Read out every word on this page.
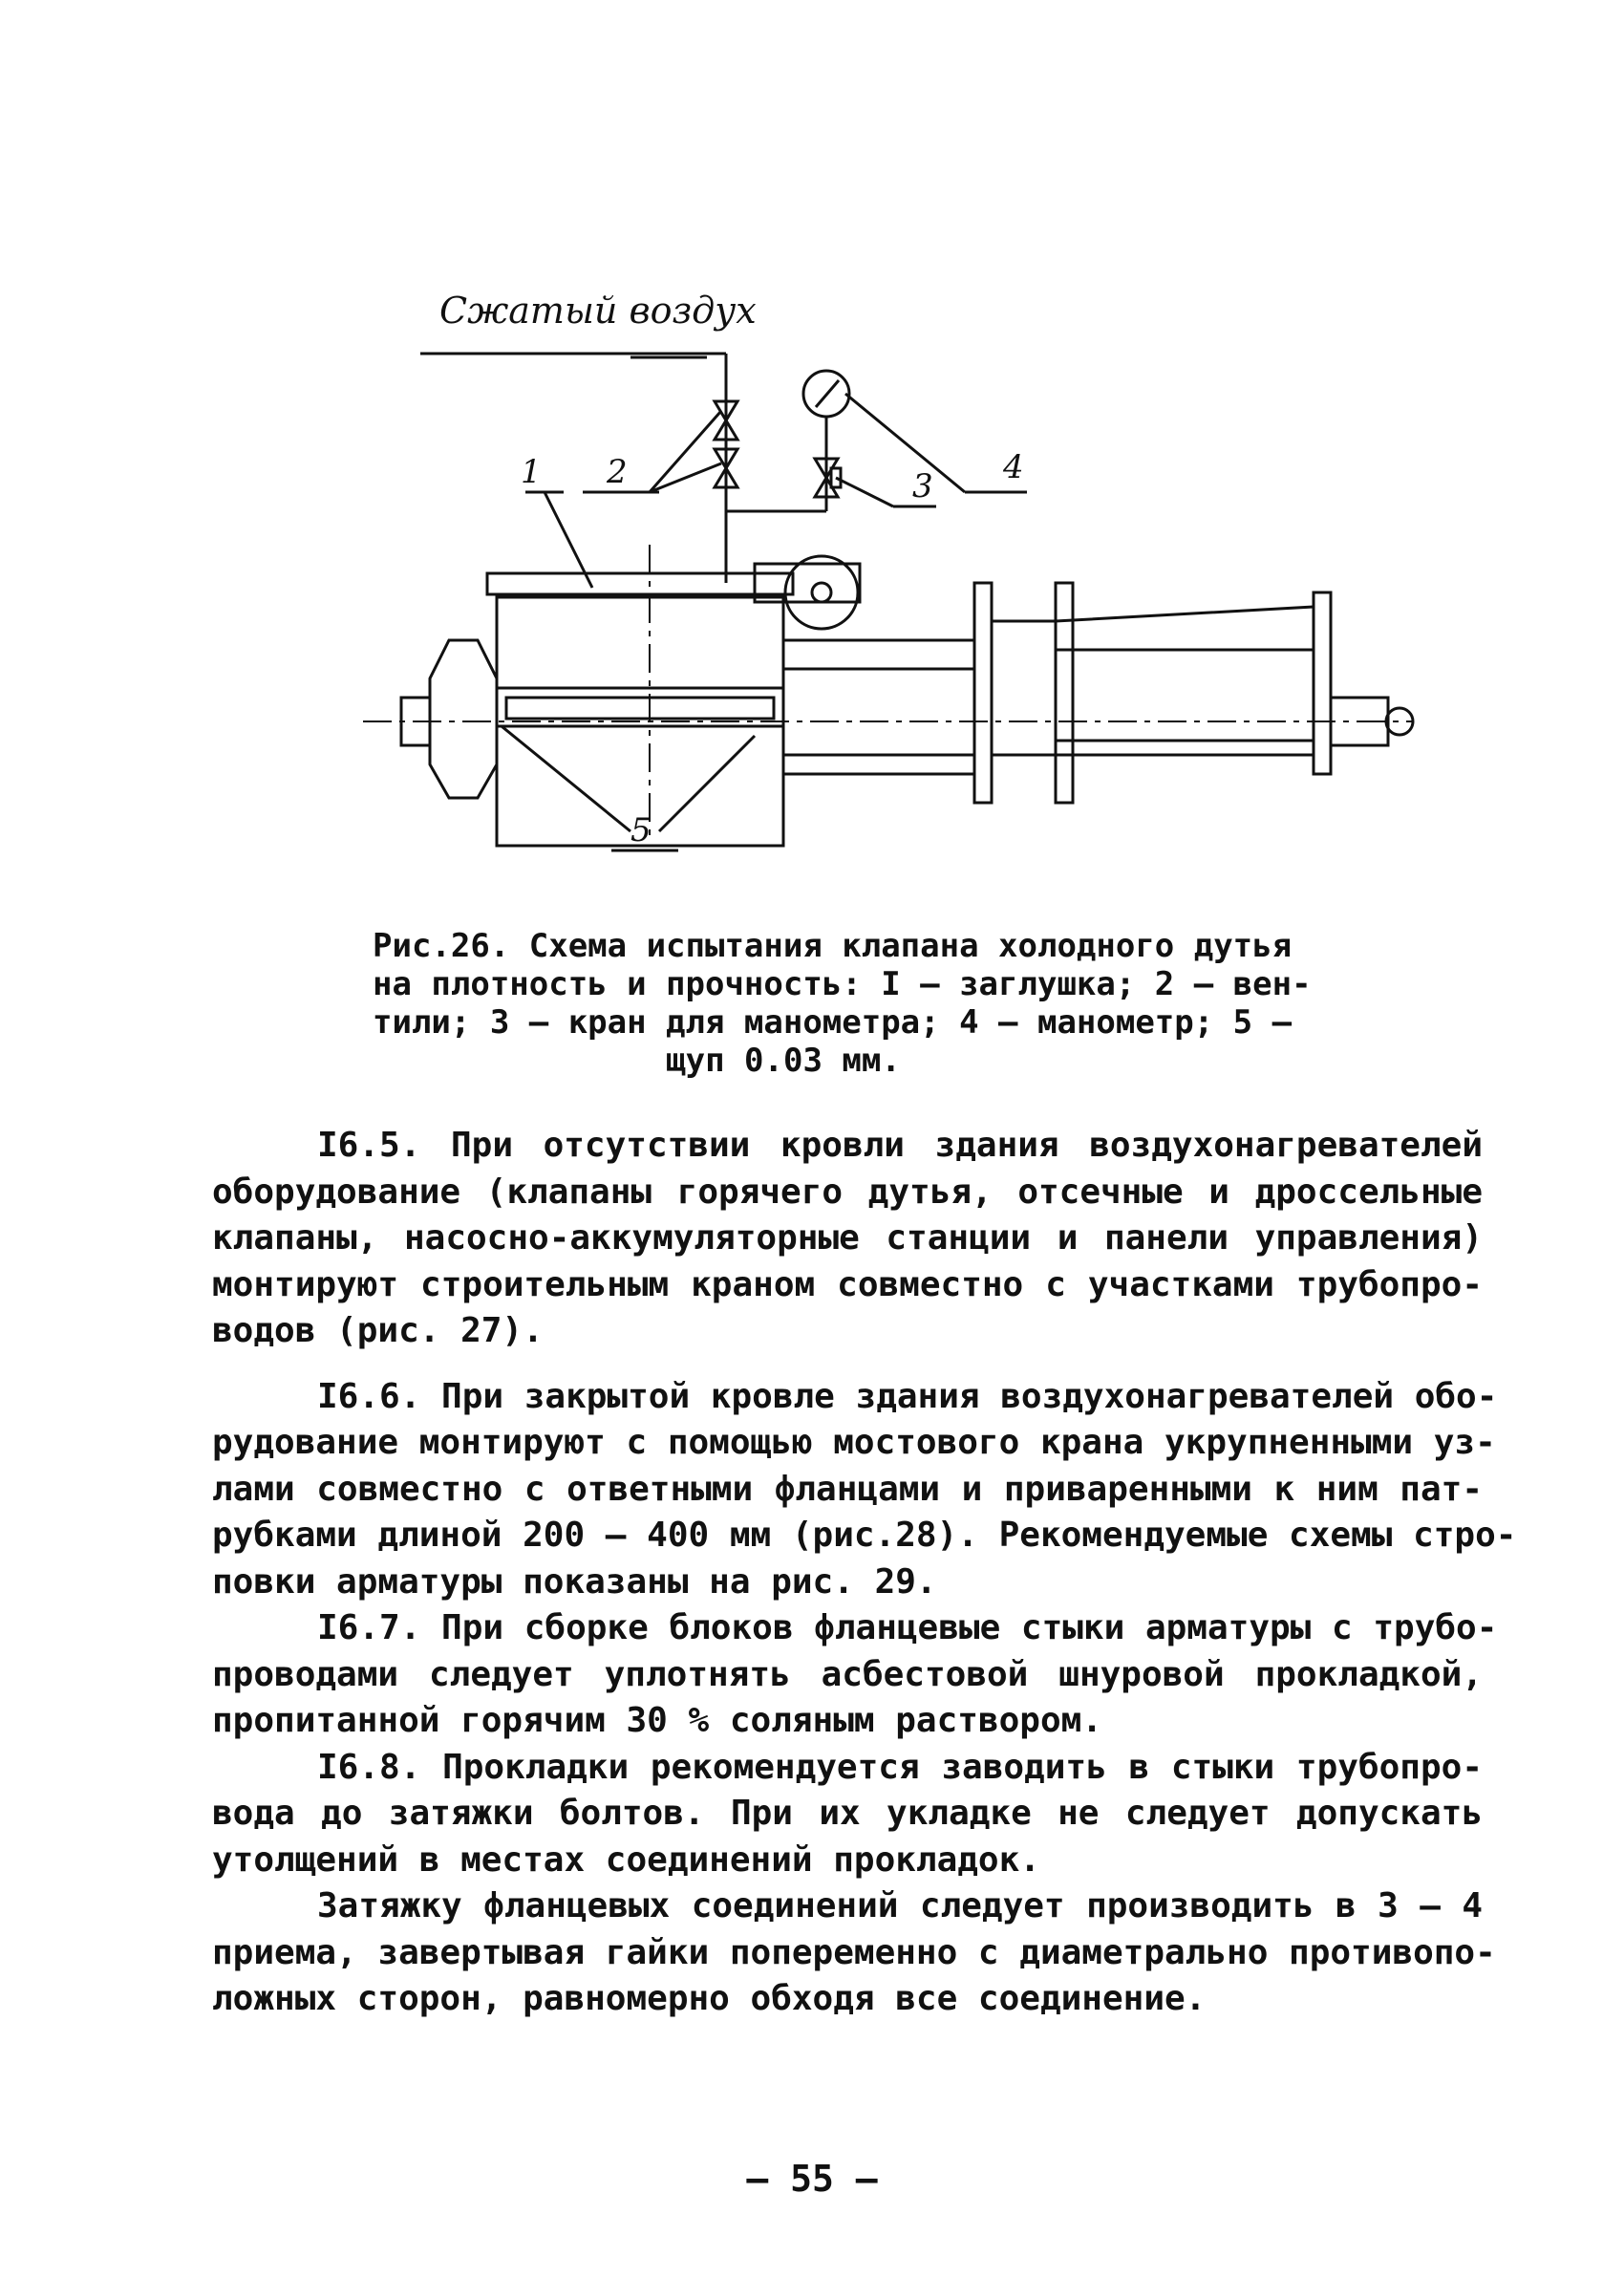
Сжатый воздух
1 2	3 4
5
Рис.26. Схема испытания клапана холодного дутья
на плотность и прочность: I – заглушка; 2 – вен-
тили; 3 – кран для манометра; 4 – манометр; 5 –
щуп 0.03 мм.
I6.5. При отсутствии кровли здания воздухонагревателей
оборудование (клапаны горячего дутья, отсечные и дроссельные
клапаны, насосно-аккумуляторные станции и панели управления)
монтируют строительным краном совместно с участками трубопро-
водов (рис. 27).
I6.6. При закрытой кровле здания воздухонагревателей обо-
рудование монтируют с помощью мостового крана укрупненными уз-
лами совместно с ответными фланцами и приваренными к ним пат-
рубками длиной 200 – 400 мм (рис.28). Рекомендуемые схемы стро-
повки арматуры показаны на рис. 29.
I6.7. При сборке блоков фланцевые стыки арматуры с трубо-
проводами следует уплотнять асбестовой шнуровой прокладкой,
пропитанной горячим 30 % соляным раствором.
I6.8. Прокладки рекомендуется заводить в стыки трубопро-
вода до затяжки болтов. При их укладке не следует допускать
утолщений в местах соединений прокладок.
Затяжку фланцевых соединений следует производить в 3 – 4
приема, завертывая гайки попеременно с диаметрально противопо-
ложных сторон, равномерно обходя все соединение.
– 55 –
